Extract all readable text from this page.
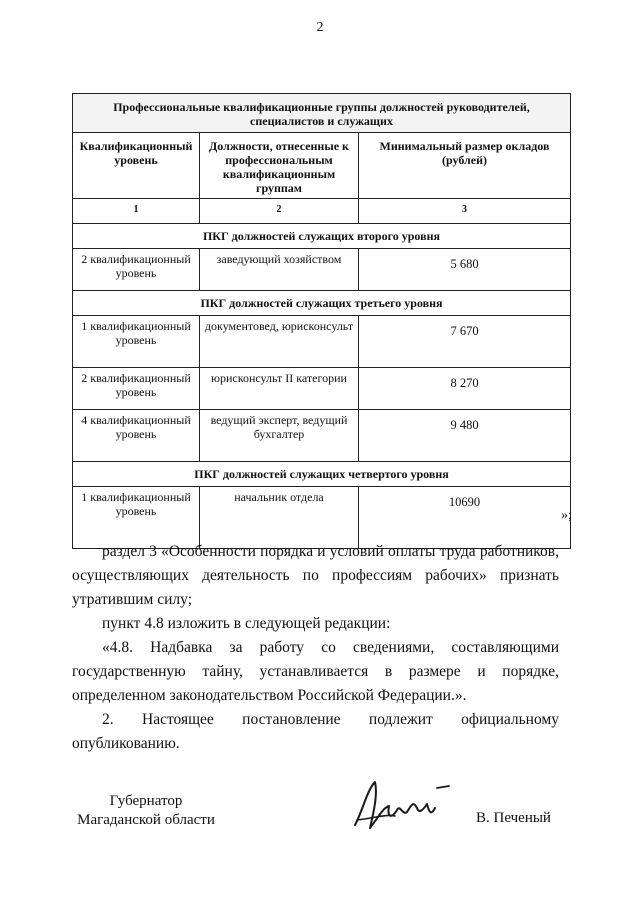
2
Профессиональные квалификационные группы должностей руководителей, специалистов и служащих		
Квалификационный уровень	Должности, отнесенные к профессиональным квалификационным группам	Минимальный размер окладов (рублей)
1	2	3
ПКГ должностей служащих второго уровня		
2 квалификационный уровень	заведующий хозяйством	5 680
ПКГ должностей служащих третьего уровня		
1 квалификационный уровень	документовед, юрисконсульт	7 670
2 квалификационный уровень	юрисконсульт II категории	8 270
4 квалификационный уровень	ведущий эксперт, ведущий бухгалтер	9 480
ПКГ должностей служащих четвертого уровня		
1 квалификационный уровень	начальник отдела	10690
»;
раздел 3 «Особенности порядка и условий оплаты труда работников, осуществляющих деятельность по профессиям рабочих» признать утратившим силу;
пункт 4.8 изложить в следующей редакции:
«4.8. Надбавка за работу со сведениями, составляющими государственную тайну, устанавливается в размере и порядке, определенном законодательством Российской Федерации.».
2. Настоящее постановление подлежит официальному опубликованию.
Губернатор Магаданской области	В. Печеный
